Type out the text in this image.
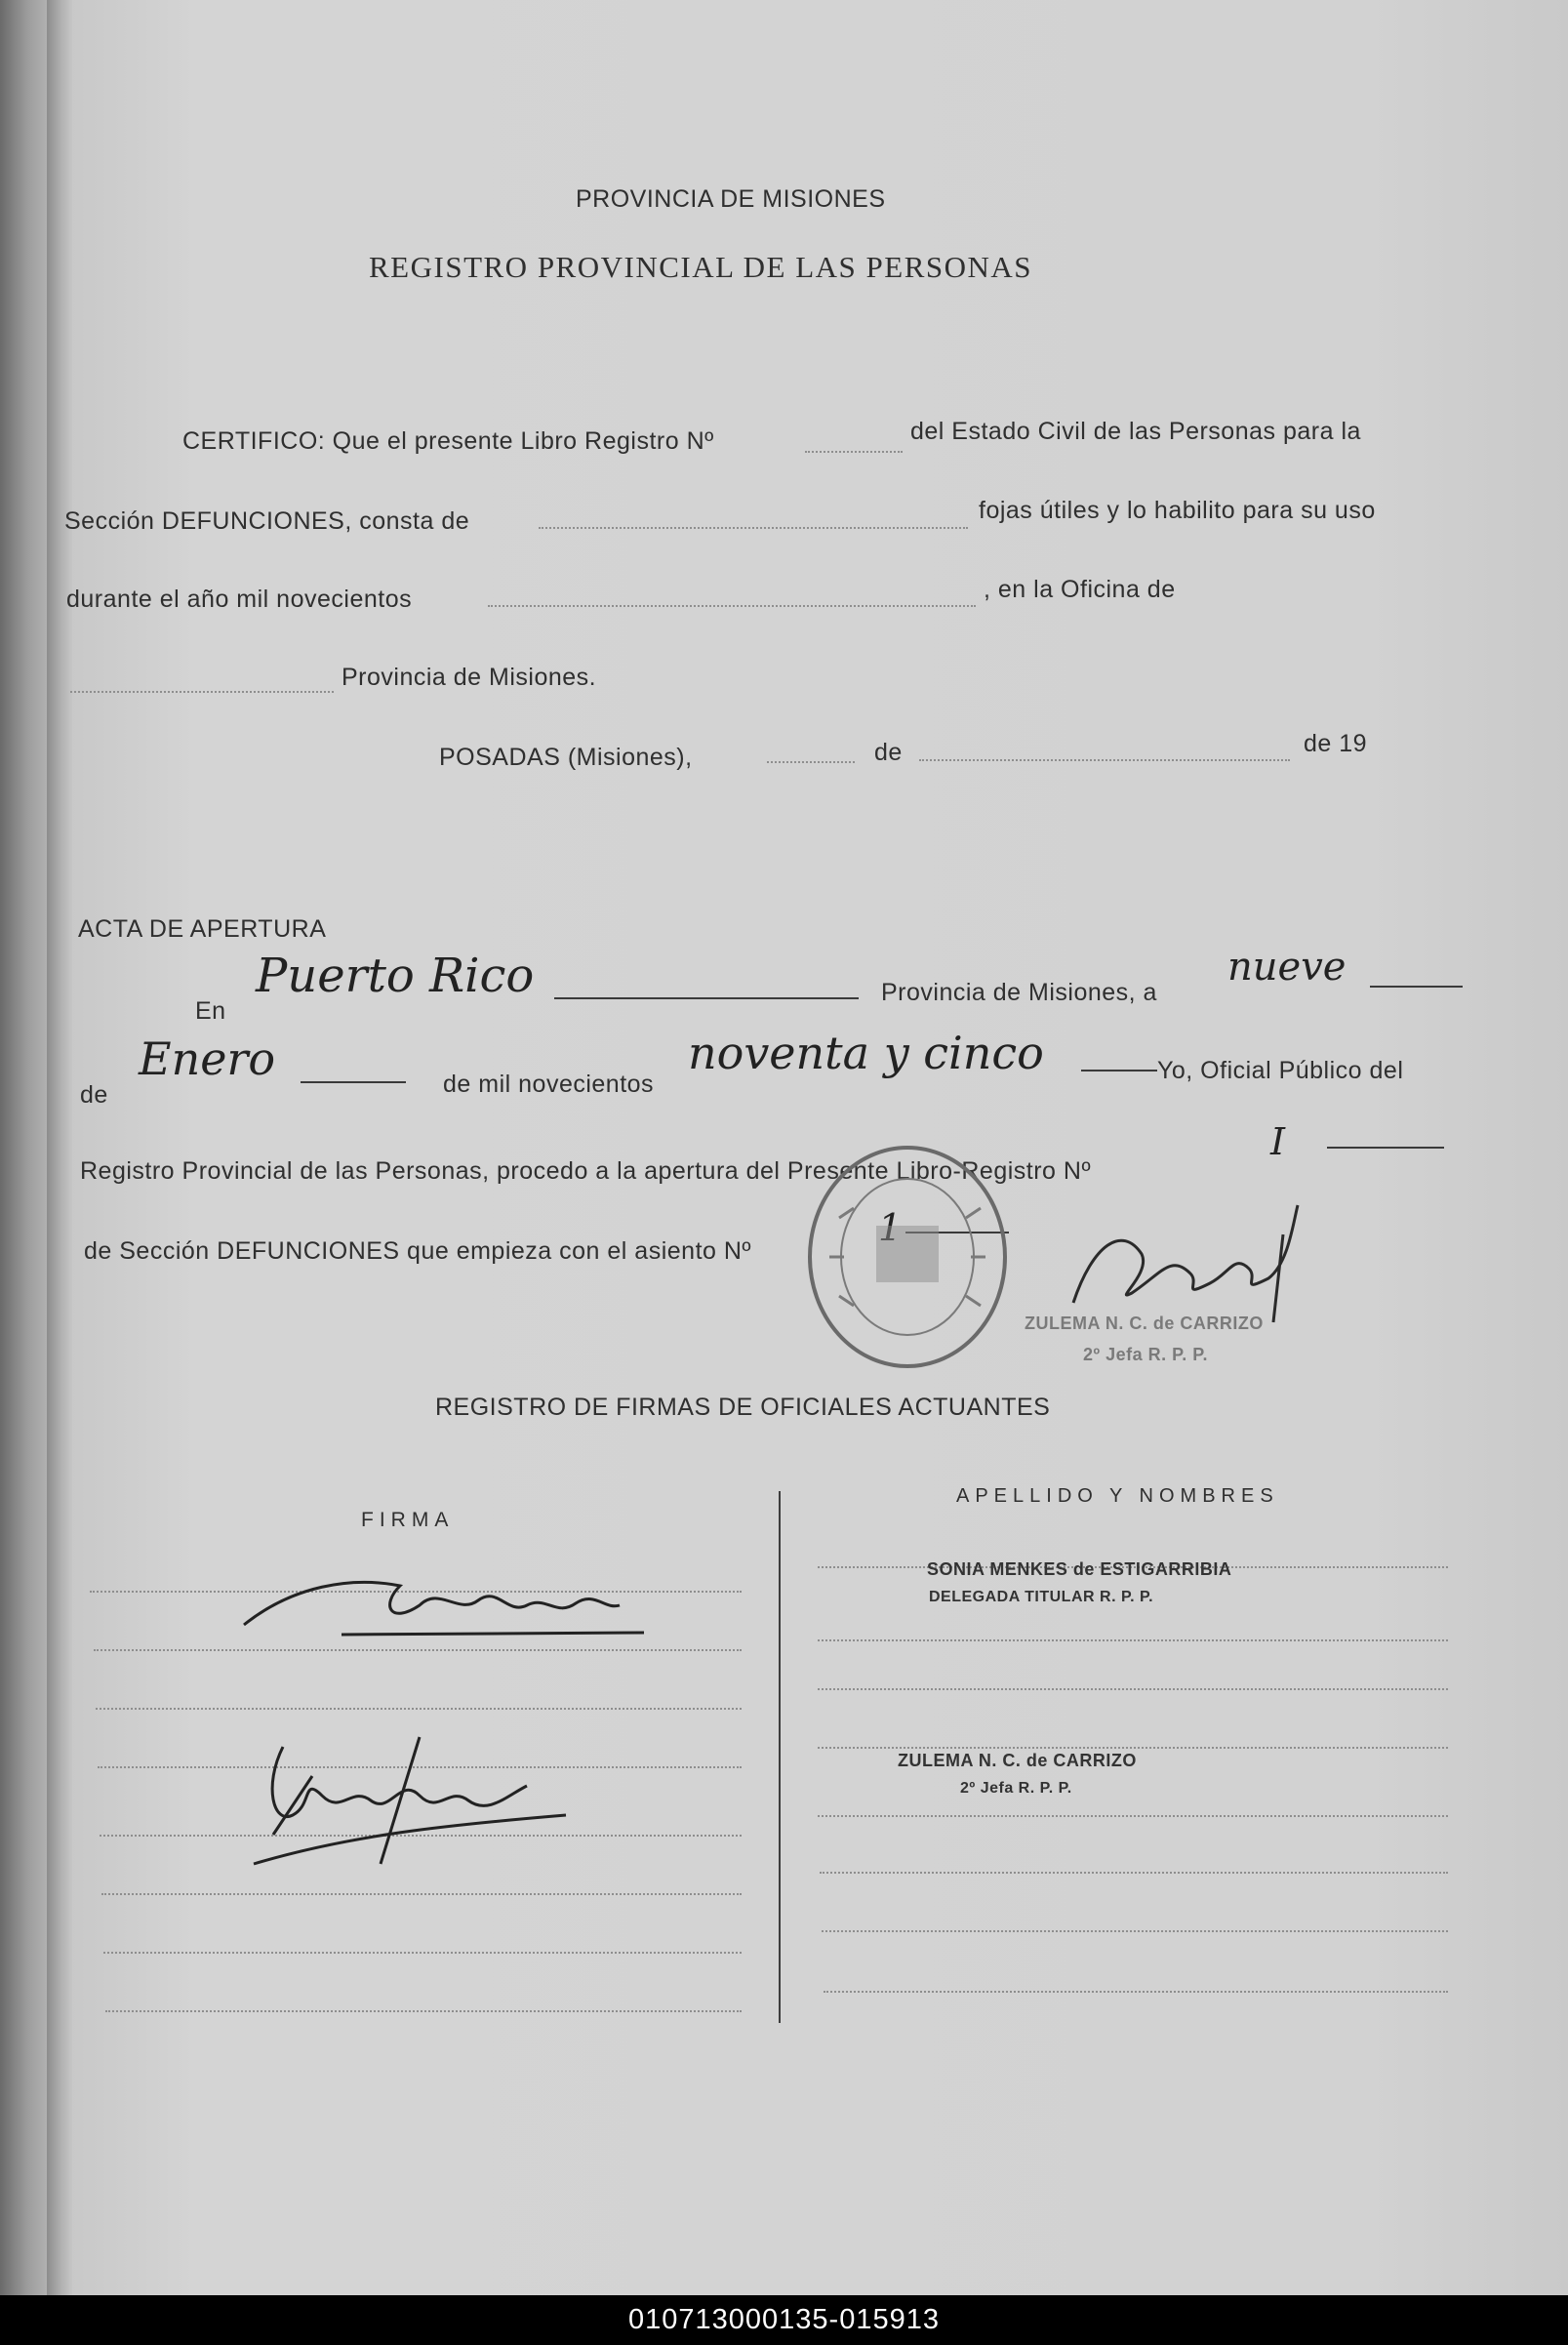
PROVINCIA DE MISIONES
REGISTRO PROVINCIAL DE LAS PERSONAS
CERTIFICO: Que el presente Libro Registro Nº	del Estado Civil de las Personas para la
Sección DEFUNCIONES, consta de	fojas útiles y lo habilito para su uso
durante el año mil novecientos	, en la Oficina de
Provincia de Misiones.
POSADAS (Misiones),	de	de 19
ACTA DE APERTURA
En
Puerto Rico	Provincia de Misiones, a
nueve
de
Enero	de mil novecientos
noventa y cinco	Yo, Oficial Público del
Registro Provincial de las Personas, procedo a la apertura del Presente Libro-Registro Nº
I
de Sección DEFUNCIONES que empieza con el asiento Nº
ZULEMA N. C. de CARRIZO
2º Jefa R. P. P.
REGISTRO DE FIRMAS DE OFICIALES ACTUANTES
FIRMA
APELLIDO Y NOMBRES
SONIA MENKES de ESTIGARRIBIA
DELEGADA TITULAR R. P. P.
ZULEMA N. C. de CARRIZO
2º Jefa R. P. P.
010713000135-015913
